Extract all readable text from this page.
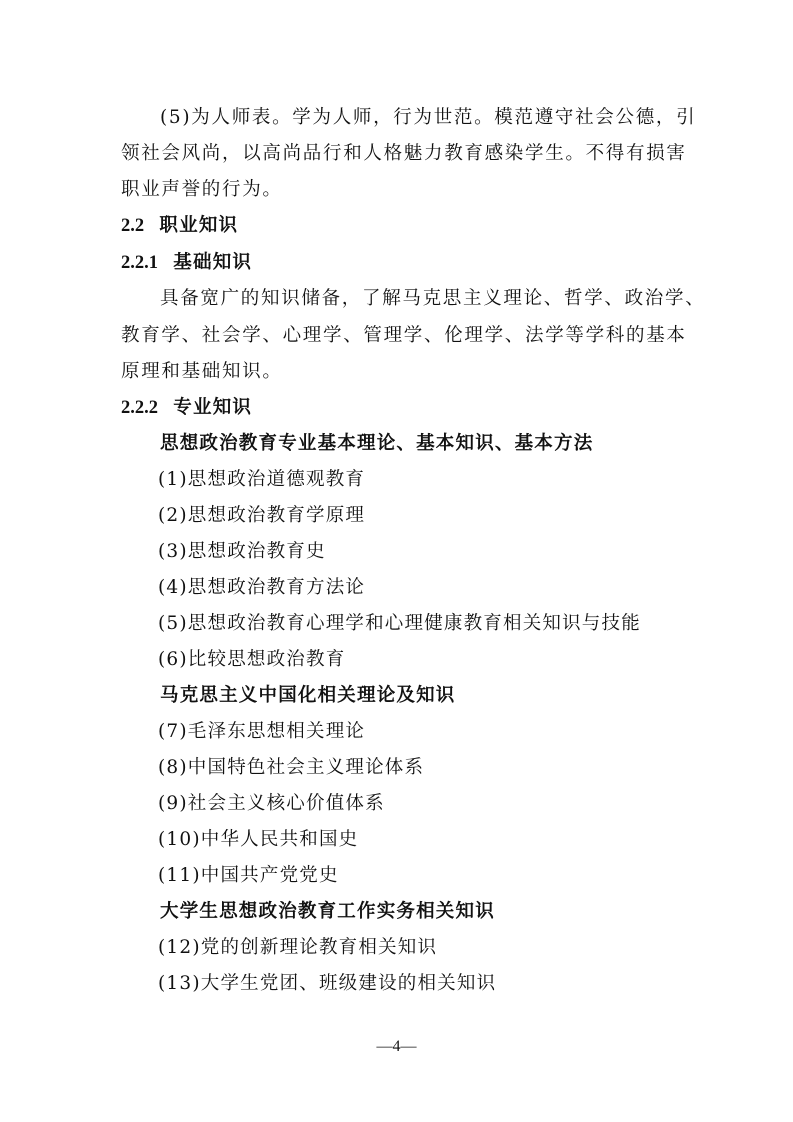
(5)为人师表。学为人师，行为世范。模范遵守社会公德，引
领社会风尚，以高尚品行和人格魅力教育感染学生。不得有损害
职业声誉的行为。
2.2 职业知识
2.2.1 基础知识
具备宽广的知识储备，了解马克思主义理论、哲学、政治学、
教育学、社会学、心理学、管理学、伦理学、法学等学科的基本
原理和基础知识。
2.2.2 专业知识
思想政治教育专业基本理论、基本知识、基本方法
(1)思想政治道德观教育
(2)思想政治教育学原理
(3)思想政治教育史
(4)思想政治教育方法论
(5)思想政治教育心理学和心理健康教育相关知识与技能
(6)比较思想政治教育
马克思主义中国化相关理论及知识
(7)毛泽东思想相关理论
(8)中国特色社会主义理论体系
(9)社会主义核心价值体系
(10)中华人民共和国史
(11)中国共产党党史
大学生思想政治教育工作实务相关知识
(12)党的创新理论教育相关知识
(13)大学生党团、班级建设的相关知识
—4—
